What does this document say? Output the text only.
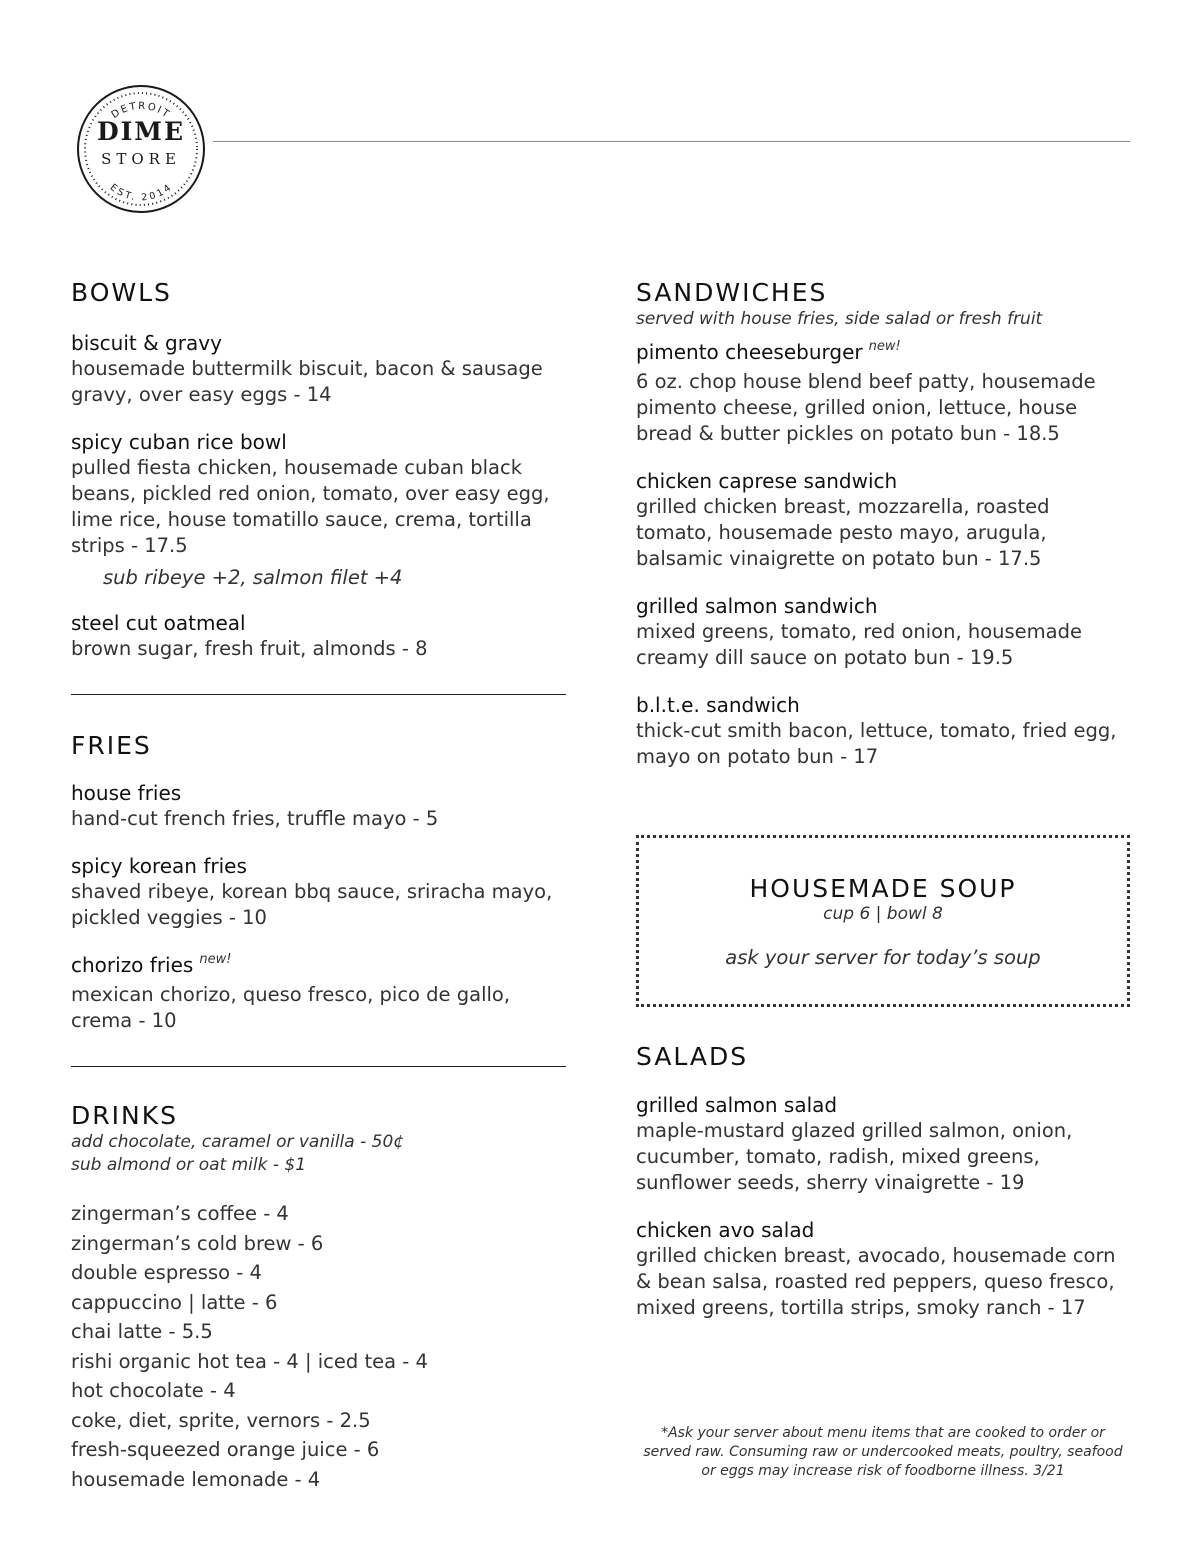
DETROIT
DIME
STORE
EST. 2014
BOWLS
biscuit & gravy
housemade buttermilk biscuit, bacon & sausage gravy, over easy eggs - 14
spicy cuban rice bowl
pulled fiesta chicken, housemade cuban black beans, pickled red onion, tomato, over easy egg, lime rice, house tomatillo sauce, crema, tortilla strips - 17.5
sub ribeye +2, salmon filet +4
steel cut oatmeal
brown sugar, fresh fruit, almonds - 8
FRIES
house fries
hand-cut french fries, truffle mayo - 5
spicy korean fries
shaved ribeye, korean bbq sauce, sriracha mayo, pickled veggies - 10
chorizo fries $^{new!}$
mexican chorizo, queso fresco, pico de gallo, crema - 10
DRINKS
add chocolate, caramel or vanilla - 50¢
sub almond or oat milk - $1
zingerman’s coffee - 4
zingerman’s cold brew - 6
double espresso - 4
cappuccino | latte - 6
chai latte - 5.5
rishi organic hot tea - 4 | iced tea - 4
hot chocolate - 4
coke, diet, sprite, vernors - 2.5
fresh-squeezed orange juice - 6
housemade lemonade - 4
SANDWICHES
served with house fries, side salad or fresh fruit
pimento cheeseburger $^{new!}$
6 oz. chop house blend beef patty, housemade pimento cheese, grilled onion, lettuce, house bread & butter pickles on potato bun - 18.5
chicken caprese sandwich
grilled chicken breast, mozzarella, roasted tomato, housemade pesto mayo, arugula, balsamic vinaigrette on potato bun - 17.5
grilled salmon sandwich
mixed greens, tomato, red onion, housemade creamy dill sauce on potato bun - 19.5
b.l.t.e. sandwich
thick-cut smith bacon, lettuce, tomato, fried egg, mayo on potato bun - 17
HOUSEMADE SOUP
cup 6 | bowl 8
ask your server for today’s soup
SALADS
grilled salmon salad
maple-mustard glazed grilled salmon, onion, cucumber, tomato, radish, mixed greens, sunflower seeds, sherry vinaigrette - 19
chicken avo salad
grilled chicken breast, avocado, housemade corn & bean salsa, roasted red peppers, queso fresco, mixed greens, tortilla strips, smoky ranch - 17
*Ask your server about menu items that are cooked to order or served raw. Consuming raw or undercooked meats, poultry, seafood or eggs may increase risk of foodborne illness. 3/21
